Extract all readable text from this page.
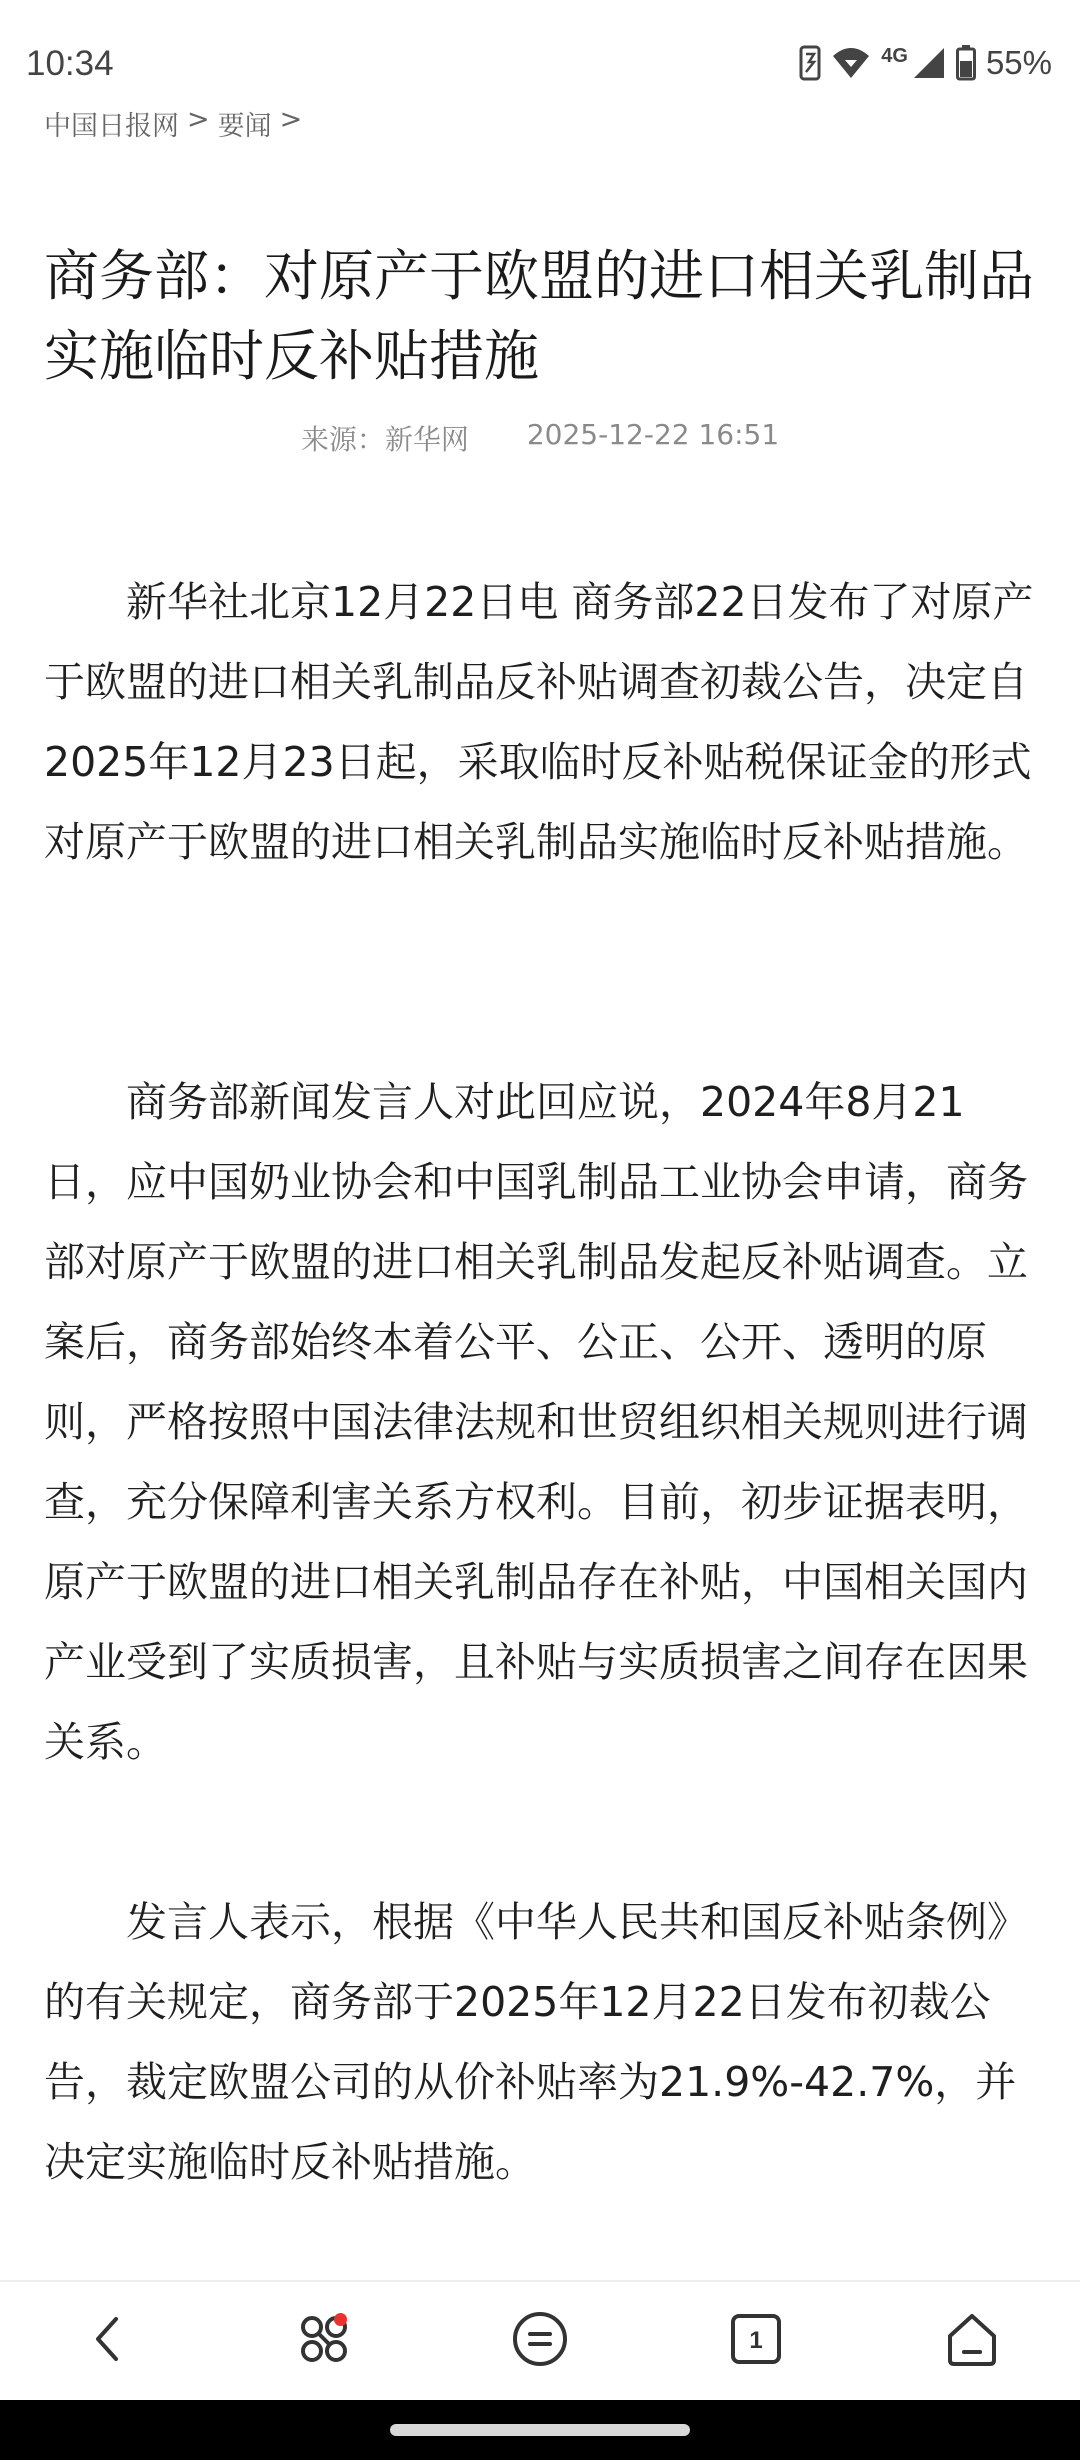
10:34	4G 55%
中国日报网 > 要闻 >
商务部：对原产于欧盟的进口相关乳制品实施临时反补贴措施
来源：新华网 2025-12-22 16:51

新华社北京12月22日电 商务部22日发布了对原产于欧盟的进口相关乳制品反补贴调查初裁公告，决定自2025年12月23日起，采取临时反补贴税保证金的形式对原产于欧盟的进口相关乳制品实施临时反补贴措施。

商务部新闻发言人对此回应说，2024年8月21日，应中国奶业协会和中国乳制品工业协会申请，商务部对原产于欧盟的进口相关乳制品发起反补贴调查。立案后，商务部始终本着公平、公正、公开、透明的原则，严格按照中国法律法规和世贸组织相关规则进行调查，充分保障利害关系方权利。目前，初步证据表明，原产于欧盟的进口相关乳制品存在补贴，中国相关国内产业受到了实质损害，且补贴与实质损害之间存在因果关系。

发言人表示，根据《中华人民共和国反补贴条例》的有关规定，商务部于2025年12月22日发布初裁公告，裁定欧盟公司的从价补贴率为21.9%-42.7%，并决定实施临时反补贴措施。

1
